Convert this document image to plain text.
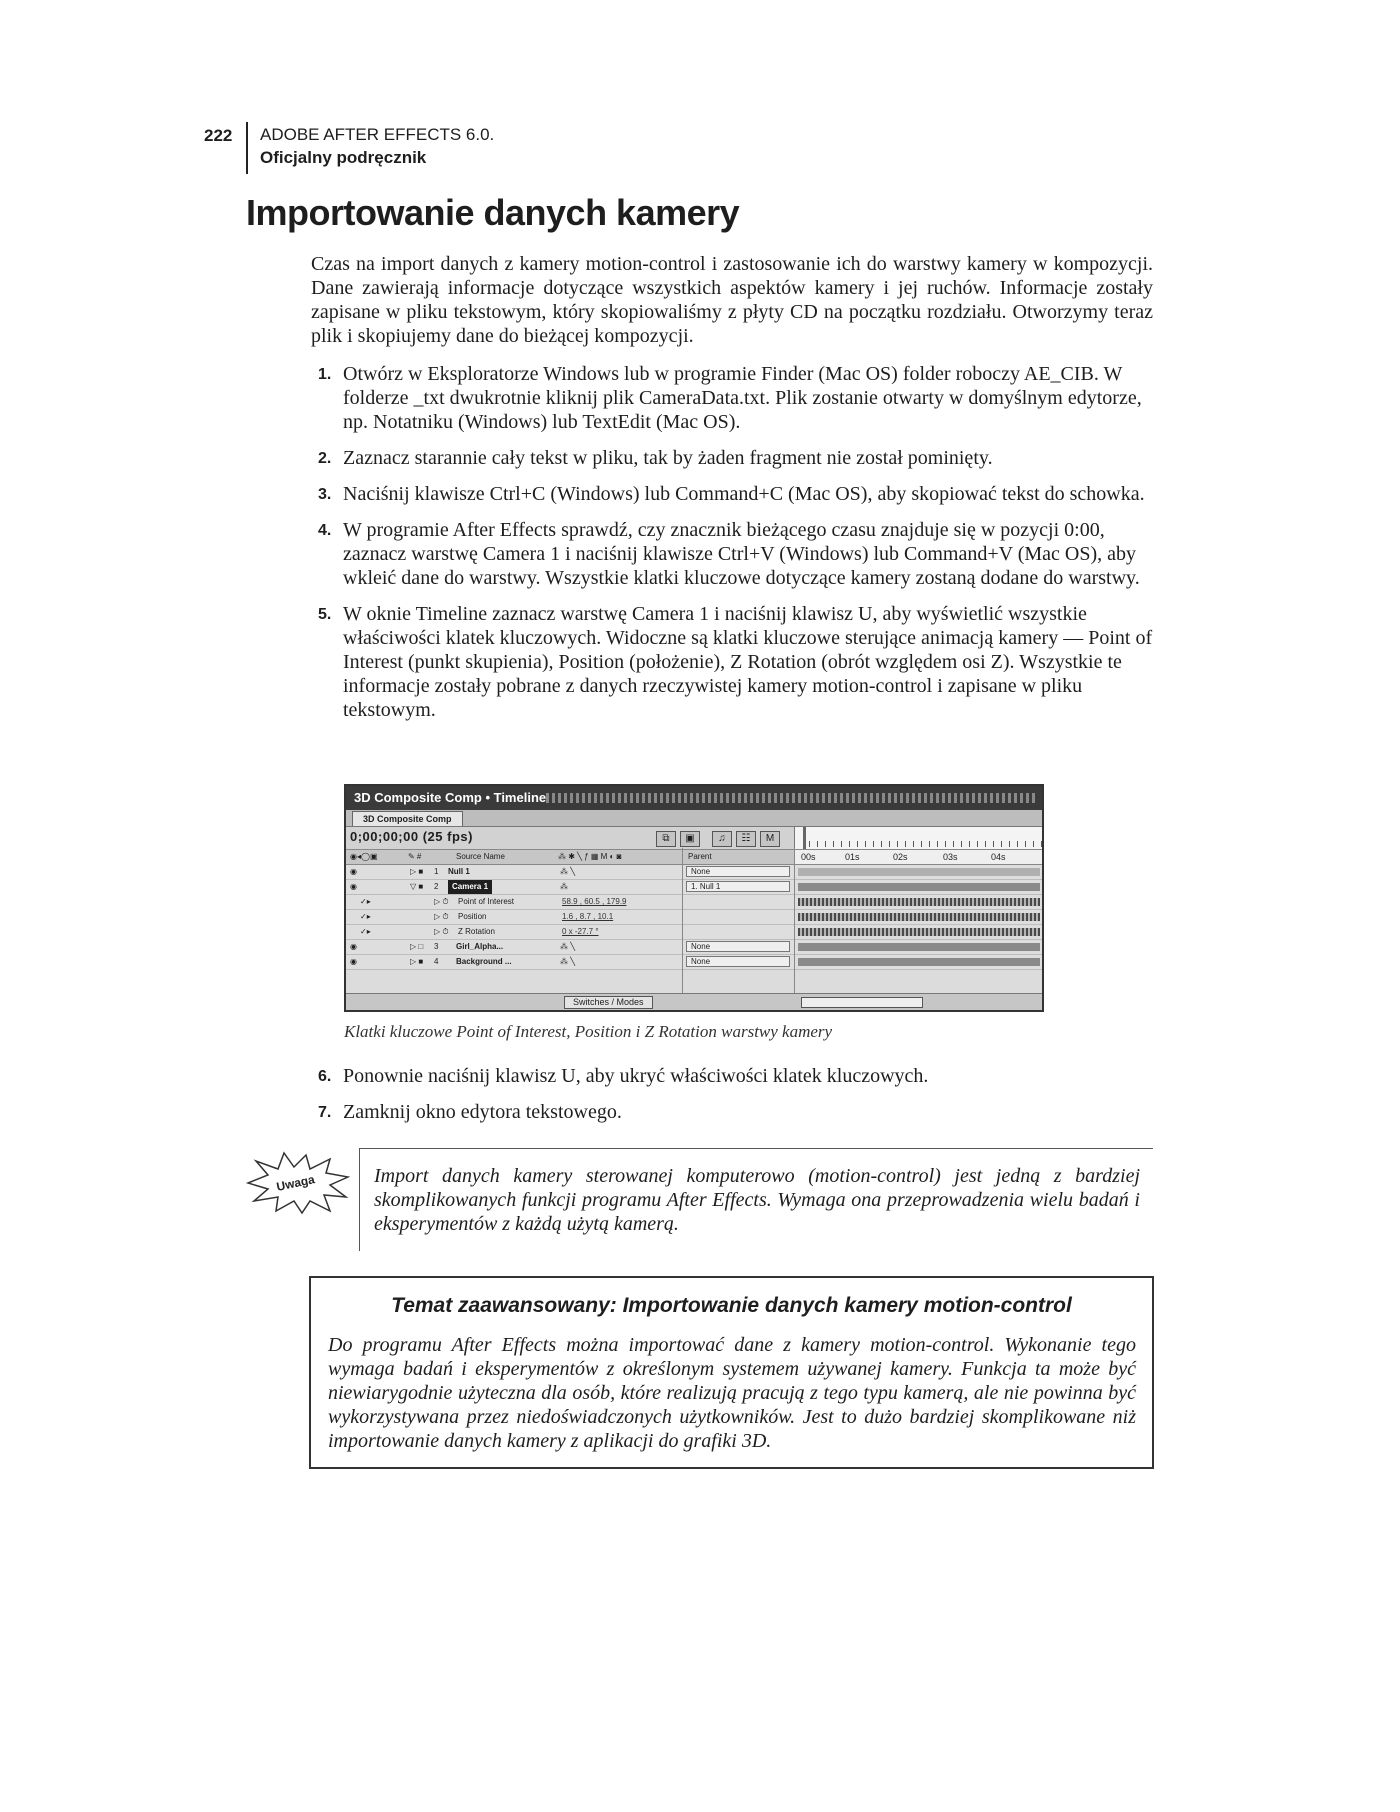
222 ADOBE AFTER EFFECTS 6.0.
Oficjalny podręcznik
Importowanie danych kamery

Czas na import danych z kamery motion-control i zastosowanie ich do warstwy kamery w kompozycji. Dane zawierają informacje dotyczące wszystkich aspektów kamery i jej ruchów. Informacje zostały zapisane w pliku tekstowym, który skopiowaliśmy z płyty CD na początku rozdziału. Otworzymy teraz plik i skopiujemy dane do bieżącej kompozycji.

1. Otwórz w Eksploratorze Windows lub w programie Finder (Mac OS) folder roboczy AE_CIB. W folderze _txt dwukrotnie kliknij plik CameraData.txt. Plik zostanie otwarty w domyślnym edytorze, np. Notatniku (Windows) lub TextEdit (Mac OS).
2. Zaznacz starannie cały tekst w pliku, tak by żaden fragment nie został pominięty.
3. Naciśnij klawisze Ctrl+C (Windows) lub Command+C (Mac OS), aby skopiować tekst do schowka.
4. W programie After Effects sprawdź, czy znacznik bieżącego czasu znajduje się w pozycji 0:00, zaznacz warstwę Camera 1 i naciśnij klawisze Ctrl+V (Windows) lub Command+V (Mac OS), aby wkleić dane do warstwy. Wszystkie klatki kluczowe dotyczące kamery zostaną dodane do warstwy.
5. W oknie Timeline zaznacz warstwę Camera 1 i naciśnij klawisz U, aby wyświetlić wszystkie właściwości klatek kluczowych. Widoczne są klatki kluczowe sterujące animacją kamery — Point of Interest (punkt skupienia), Position (położenie), Z Rotation (obrót względem osi Z). Wszystkie te informacje zostały pobrane z danych rzeczywistej kamery motion-control i zapisane w pliku tekstowym.
3D Composite Comp • Timeline
3D Composite Comp
0;00;00;00 (25 fps)	⧉	▣	♫	☷	M
◉◂◯▣	✎ #	Source Name	⁂ ✱ ╲ ƒ ▦ M ◐ ◙	Parent	00s	01s	02s	03s	04s
◉	▷ ■ 1 Null 1	⁂ ╲	None
◉	▽ ■ 2	Camera 1	⁂	1. Null 1
✓▸	▷ ⏱ Point of Interest	58.9 , 60.5 , 179.9
✓▸	▷ ⏱ Position	1.6 , 8.7 , 10.1
✓▸	▷ ⏱ Z Rotation	0 x -27.7 °
◉	▷ □ 3 Girl_Alpha...	⁂ ╲	None
◉	▷ ■ 4 Background ...	⁂ ╲	None
Switches / Modes
Klatki kluczowe Point of Interest, Position i Z Rotation warstwy kamery
6. Ponownie naciśnij klawisz U, aby ukryć właściwości klatek kluczowych.
7. Zamknij okno edytora tekstowego.
Uwaga	Import danych kamery sterowanej komputerowo (motion-control) jest jedną z bardziej skomplikowanych funkcji programu After Effects. Wymaga ona przeprowadzenia wielu badań i eksperymentów z każdą użytą kamerą.

Temat zaawansowany: Importowanie danych kamery motion-control

Do programu After Effects można importować dane z kamery motion-control. Wykonanie tego wymaga badań i eksperymentów z określonym systemem używanej kamery. Funkcja ta może być niewiarygodnie użyteczna dla osób, które realizują pracują z tego typu kamerą, ale nie powinna być wykorzystywana przez niedoświadczonych użytkowników. Jest to dużo bardziej skomplikowane niż importowanie danych kamery z aplikacji do grafiki 3D.
